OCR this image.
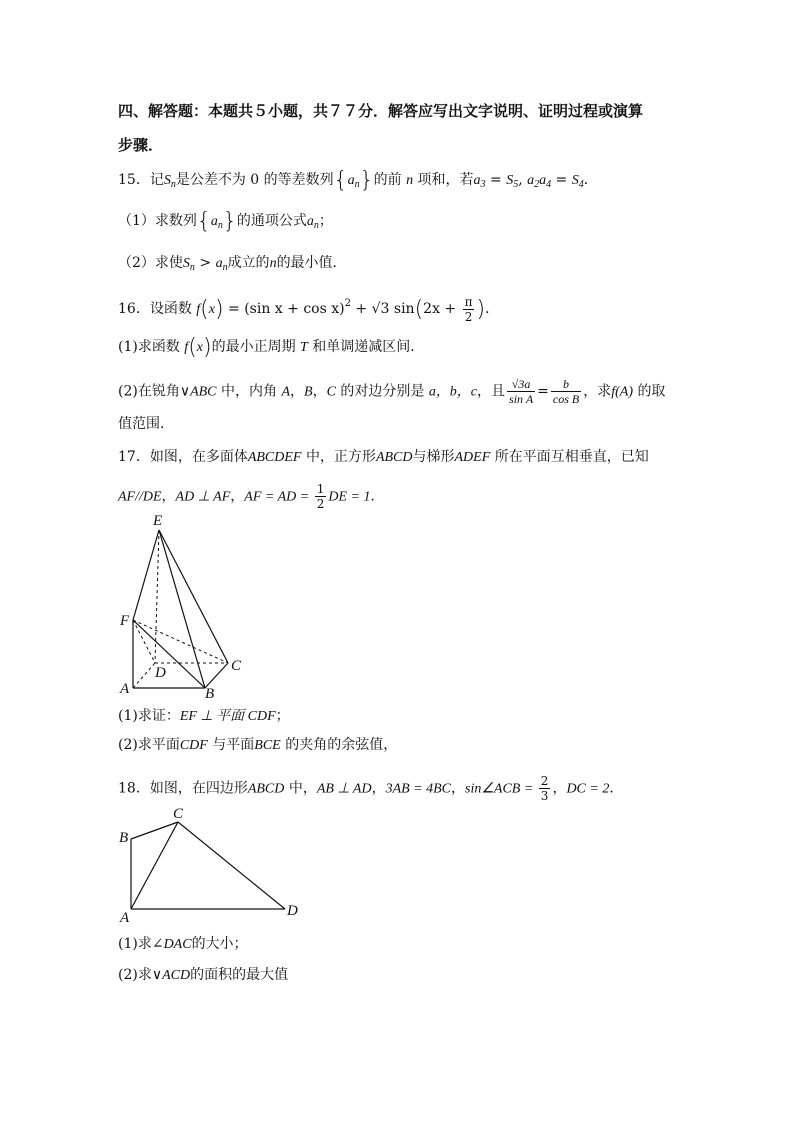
四、解答题：本题共５小题，共７７分．解答应写出文字说明、证明过程或演算
步骤．
15．记$S_n$是公差不为 0 的等差数列$\{a_n\}$的前 n 项和，若$a_3 = S_5$, $a_2a_4 = S_4$．
（1）求数列$\{a_n\}$的通项公式$a_n$；
（2）求使$S_n > a_n$成立的n的最小值．
16．设函数 f(x) = (sin x + cos x)$^2$ + √3 $\sin(2x + \frac{\pi}{2}$ )．
(1)求函数 f(x)的最小正周期 T 和单调递减区间．
(2)在锐角∨ABC 中，内角 A，B，C 的对边分别是 a，b，c，且 $\frac{√3a}{\text{sin A}} = \frac{b}{\text{cos B}}$ ，求f(A) 的取
值范围．
17．如图，在多面体ABCDEF 中，正方形ABCD与梯形ADEF 所在平面互相垂直，已知
AF//DE，AD ⊥ AF，AF = AD = $\frac{1}{2}$ DE = 1．
E
F
D	C
A	B
(1)求证：EF ⊥ 平面 CDF；
(2)求平面CDF 与平面BCE 的夹角的余弦值，
18．如图，在四边形ABCD 中，AB ⊥ AD，3AB = 4BC，sin∠ACB = $\frac{2}{3}$ ，DC = 2．
B
C
A	D
(1)求∠DAC的大小；
(2)求∨ACD的面积的最大值
